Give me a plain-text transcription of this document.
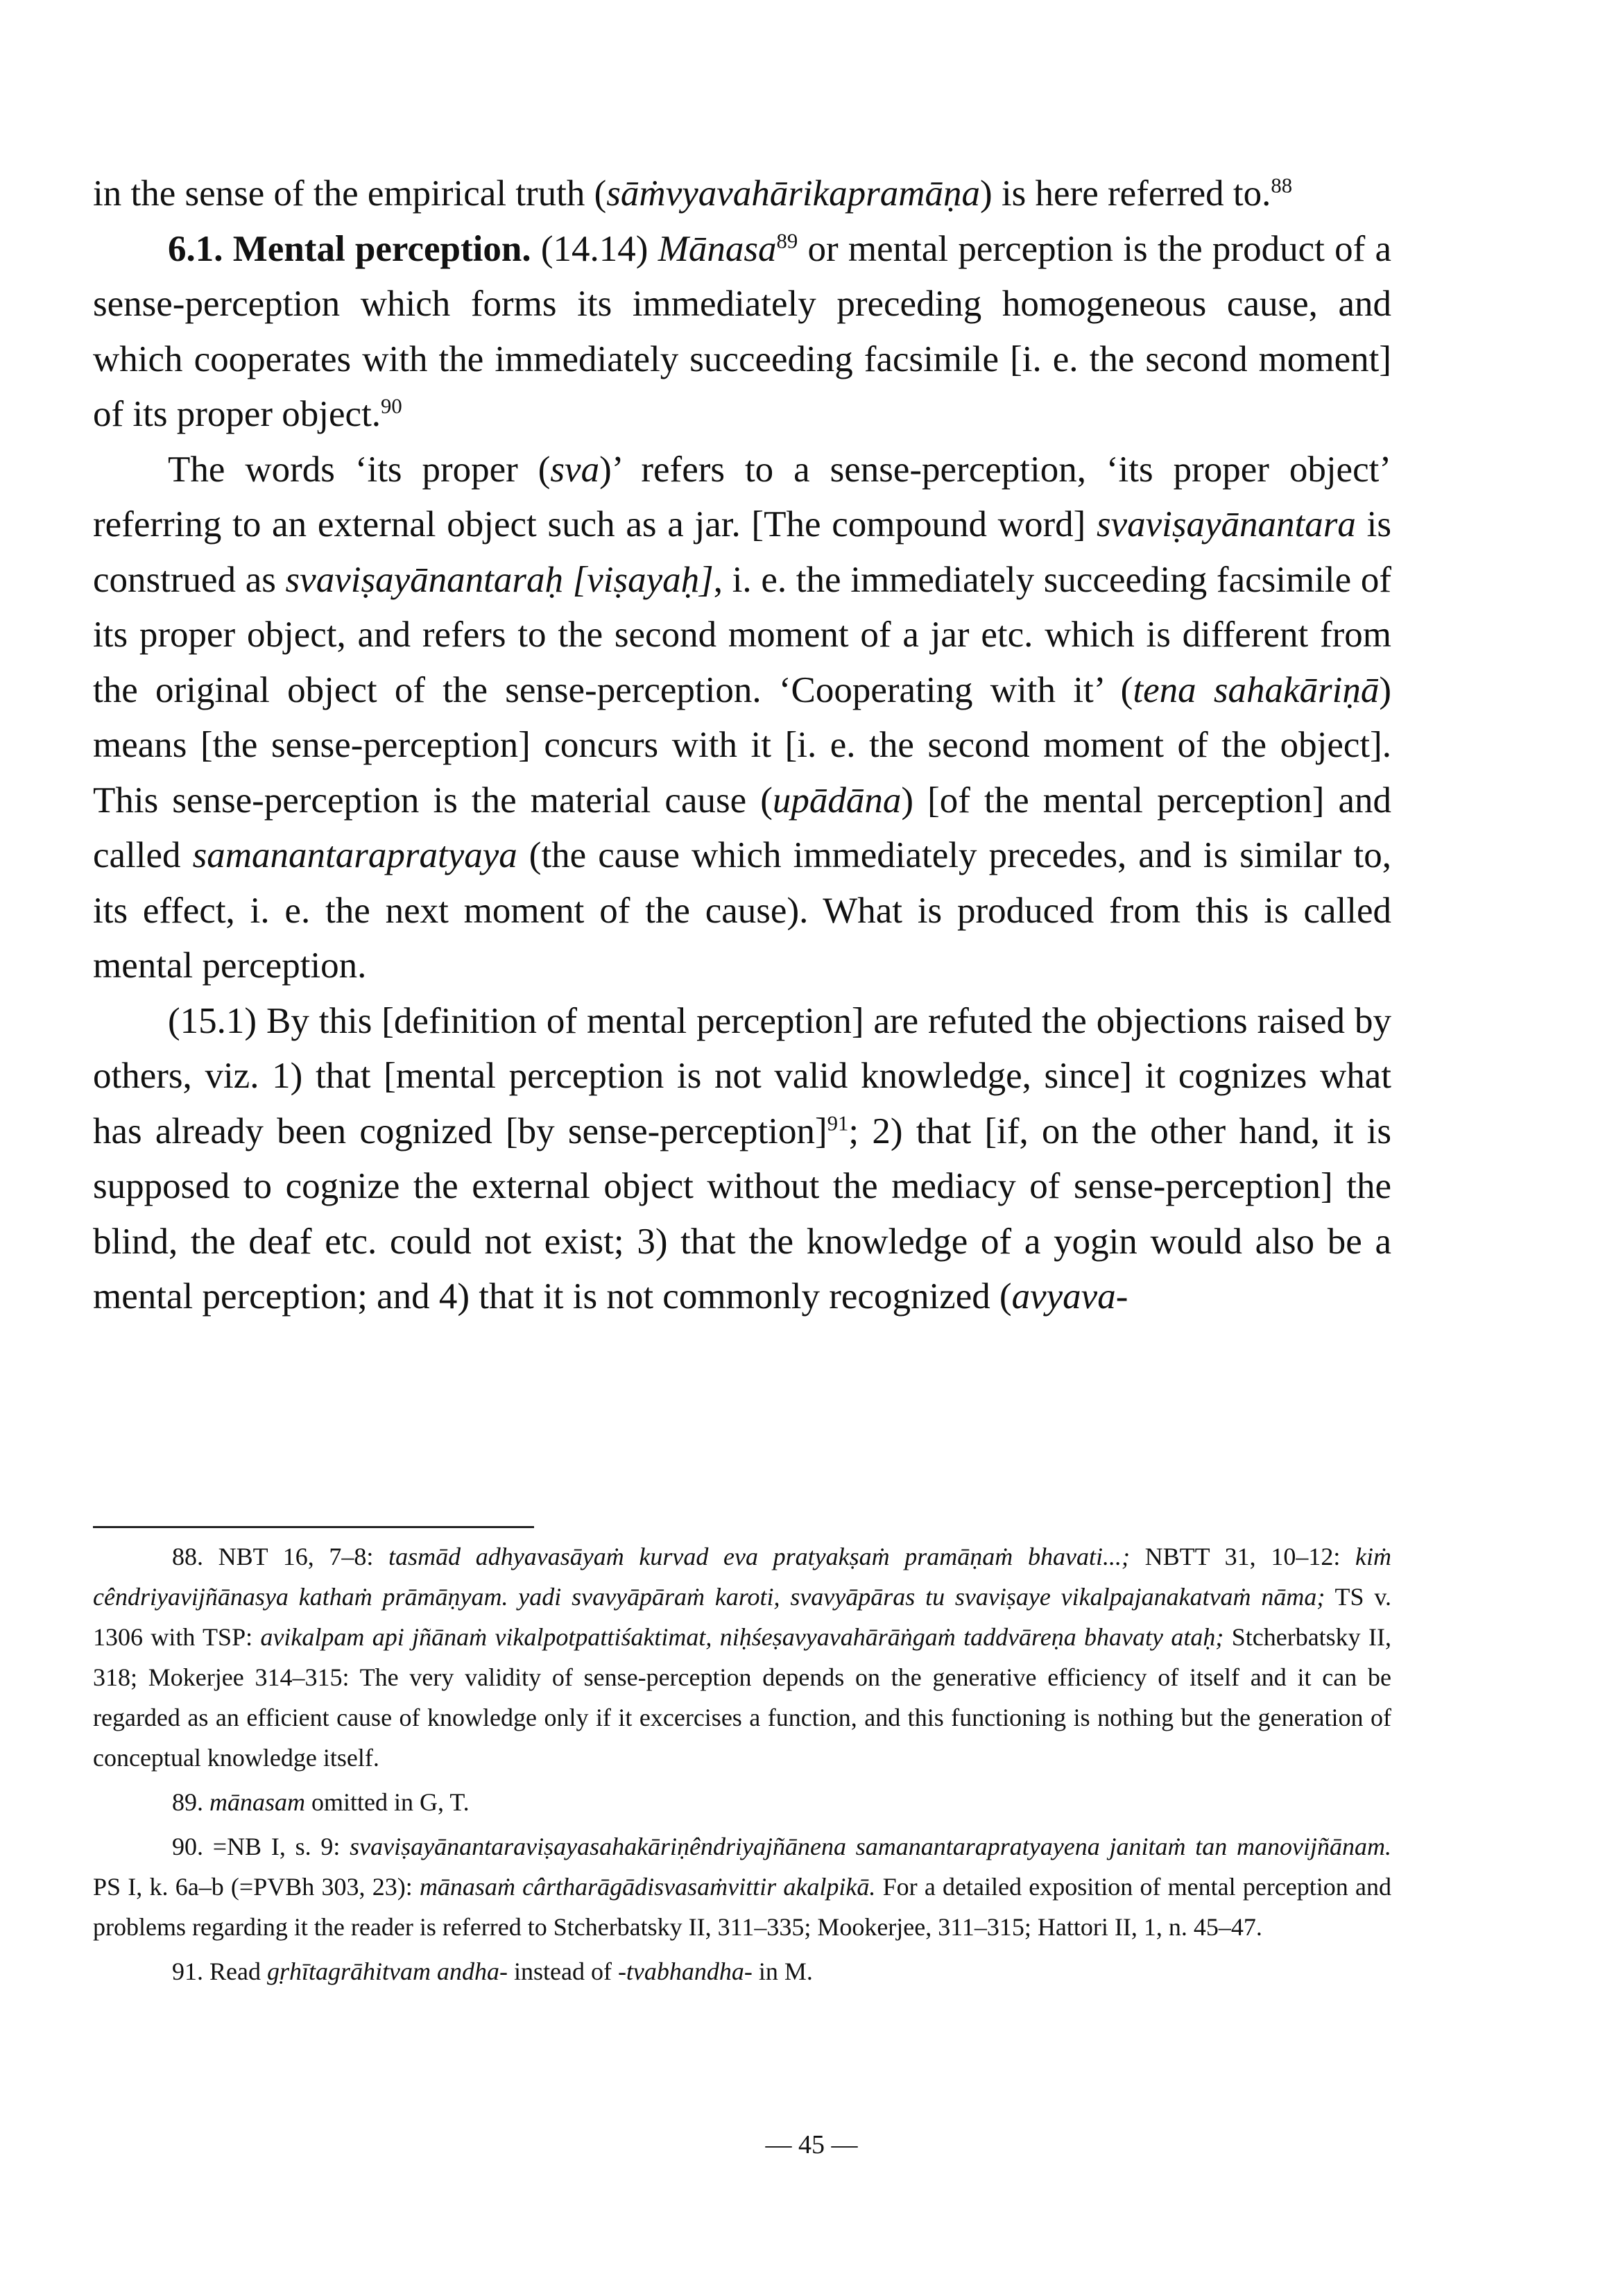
in the sense of the empirical truth (sāṁvyavahārikapramāṇa) is here referred to.$^{88}$

6.1. Mental perception. (14.14) Mānasa$^{89}$ or mental perception is the product of a sense-perception which forms its immediately preceding homogeneous cause, and which cooperates with the immediately succeeding facsimile [i. e. the second moment] of its proper object.$^{90}$

The words ‘its proper (sva)’ refers to a sense-perception, ‘its proper object’ referring to an external object such as a jar. [The compound word] svaviṣayānantara is construed as svaviṣayānantaraḥ [viṣayaḥ], i. e. the immediately succeeding facsimile of its proper object, and refers to the second moment of a jar etc. which is different from the original object of the sense-perception. ‘Cooperating with it’ (tena sahakāriṇā) means [the sense-perception] concurs with it [i. e. the second moment of the object]. This sense-perception is the material cause (upādāna) [of the mental perception] and called samanantarapratyaya (the cause which immediately precedes, and is similar to, its effect, i. e. the next moment of the cause). What is produced from this is called mental perception.

(15.1) By this [definition of mental perception] are refuted the objections raised by others, viz. 1) that [mental perception is not valid knowledge, since] it cognizes what has already been cognized [by sense-perception]$^{91}$; 2) that [if, on the other hand, it is supposed to cognize the external object without the mediacy of sense-perception] the blind, the deaf etc. could not exist; 3) that the knowledge of a yogin would also be a mental perception; and 4) that it is not commonly recognized (avyava-

88. NBT 16, 7–8: tasmād adhyavasāyaṁ kurvad eva pratyakṣaṁ pramāṇaṁ bhavati...; NBTT 31, 10–12: kiṁ cêndriyavijñānasya kathaṁ prāmāṇyam. yadi svavyāpāraṁ karoti, svavyāpāras tu svaviṣaye vikalpajanakatvaṁ nāma; TS v. 1306 with TSP: avikalpam api jñānaṁ vikalpotpattiśaktimat, niḥśeṣavyavahārāṅgaṁ taddvāreṇa bhavaty ataḥ; Stcherbatsky II, 318; Mokerjee 314–315: The very validity of sense-perception depends on the generative efficiency of itself and it can be regarded as an efficient cause of knowledge only if it excercises a function, and this functioning is nothing but the generation of conceptual knowledge itself.

89. mānasam omitted in G, T.

90. =NB I, s. 9: svaviṣayānantaraviṣayasahakāriṇêndriyajñānena samanantarapratyayena janitaṁ tan manovijñānam. PS I, k. 6a–b (=PVBh 303, 23): mānasaṁ cârtharāgādisvasaṁvittir akalpikā. For a detailed exposition of mental perception and problems regarding it the reader is referred to Stcherbatsky II, 311–335; Mookerjee, 311–315; Hattori II, 1, n. 45–47.

91. Read gṛhītagrāhitvam andha- instead of -tvabhandha- in M.

— 45 —
